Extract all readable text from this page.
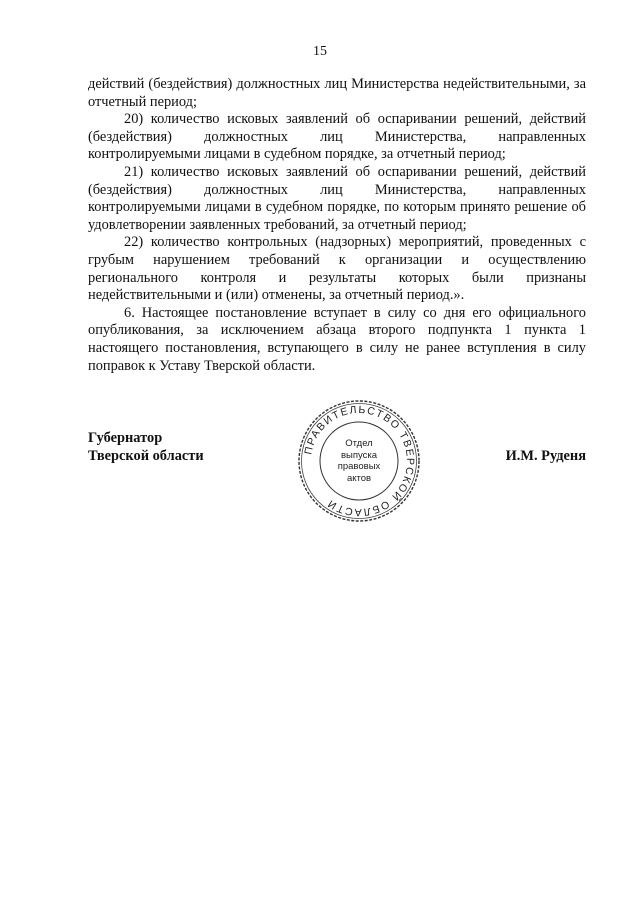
15

действий (бездействия) должностных лиц Министерства недействительными, за отчетный период;

20) количество исковых заявлений об оспаривании решений, действий (бездействия) должностных лиц Министерства, направленных контролируемыми лицами в судебном порядке, за отчетный период;

21) количество исковых заявлений об оспаривании решений, действий (бездействия) должностных лиц Министерства, направленных контролируемыми лицами в судебном порядке, по которым принято решение об удовлетворении заявленных требований, за отчетный период;

22) количество контрольных (надзорных) мероприятий, проведенных с грубым нарушением требований к организации и осуществлению регионального контроля и результаты которых были признаны недействительными и (или) отменены, за отчетный период.».

6. Настоящее постановление вступает в силу со дня его официального опубликования, за исключением абзаца второго подпункта 1 пункта 1 настоящего постановления, вступающего в силу не ранее вступления в силу поправок к Уставу Тверской области.

Губернатор
Тверской области	И.М. Руденя
ПРАВИТЕЛЬСТВО ТВЕРСКОЙ ОБЛАСТИ
Отдел
выпуска
правовых
актов
